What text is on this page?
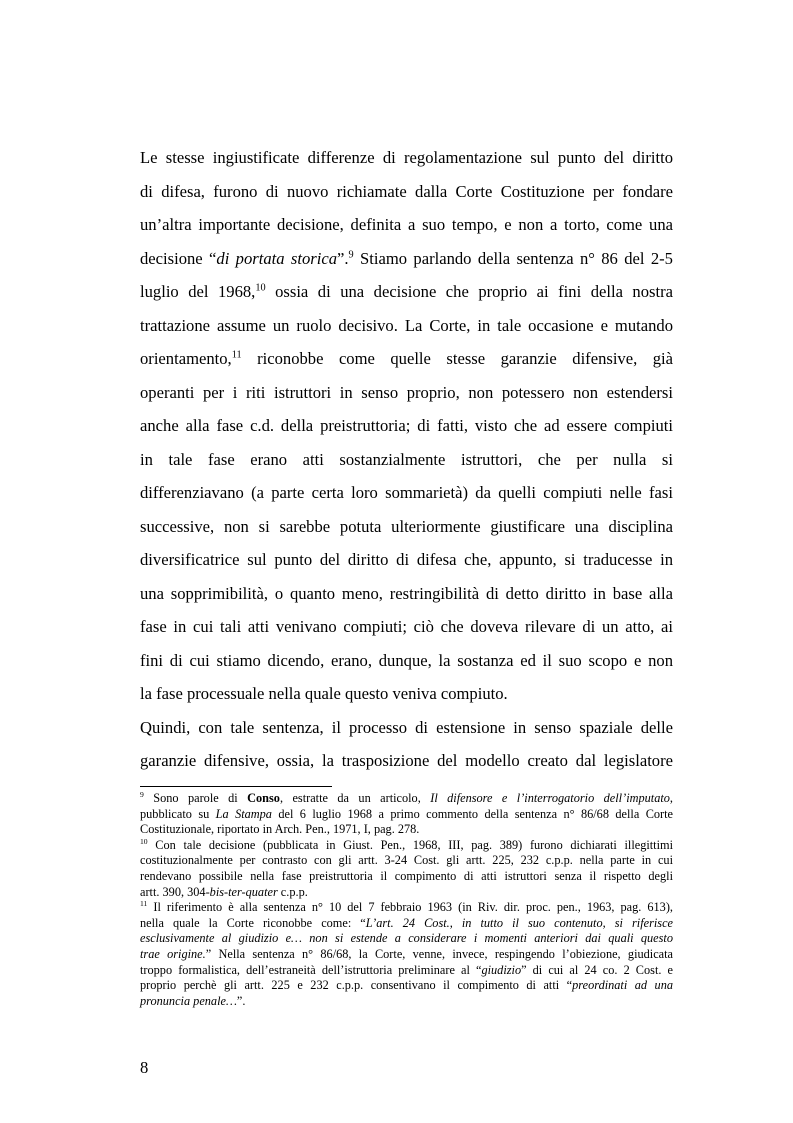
Le stesse ingiustificate differenze di regolamentazione sul punto del diritto

di difesa, furono di nuovo richiamate dalla Corte Costituzione per fondare

un’altra importante decisione, definita a suo tempo, e non a torto, come una

decisione “di portata storica”.$^9$ Stiamo parlando della sentenza n° 86 del 2-5

luglio del 1968,10 ossia di una decisione che proprio ai fini della nostra

trattazione assume un ruolo decisivo. La Corte, in tale occasione e mutando

orientamento,$^{11}$ riconobbe come quelle stesse garanzie difensive, già

operanti per i riti istruttori in senso proprio, non potessero non estendersi

anche alla fase c.d. della preistruttoria; di fatti, visto che ad essere compiuti

in tale fase erano atti sostanzialmente istruttori, che per nulla si

differenziavano (a parte certa loro sommarietà) da quelli compiuti nelle fasi

successive, non si sarebbe potuta ulteriormente giustificare una disciplina

diversificatrice sul punto del diritto di difesa che, appunto, si traducesse in

una sopprimibilità, o quanto meno, restringibilità di detto diritto in base alla

fase in cui tali atti venivano compiuti; ciò che doveva rilevare di un atto, ai

fini di cui stiamo dicendo, erano, dunque, la sostanza ed il suo scopo e non

la fase processuale nella quale questo veniva compiuto.

Quindi, con tale sentenza, il processo di estensione in senso spaziale delle

garanzie difensive, ossia, la trasposizione del modello creato dal legislatore

$^9$ Sono parole di Conso, estratte da un articolo, Il difensore e l’interrogatorio dell’imputato,
pubblicato su La Stampa del 6 luglio 1968 a primo commento della sentenza n° 86/68 della Corte
Costituzionale, riportato in Arch. Pen., 1971, I, pag. 278.
$^{10}$ Con tale decisione (pubblicata in Giust. Pen., 1968, III, pag. 389) furono dichiarati illegittimi
costituzionalmente per contrasto con gli artt. 3-24 Cost. gli artt. 225, 232 c.p.p. nella parte in cui
rendevano possibile nella fase preistruttoria il compimento di atti istruttori senza il rispetto degli
artt. 390, 304-bis-ter-quater c.p.p.
$^{11}$ Il riferimento è alla sentenza n° 10 del 7 febbraio 1963 (in Riv. dir. proc. pen., 1963, pag. 613),
nella quale la Corte riconobbe come: “L’art. 24 Cost., in tutto il suo contenuto, si riferisce
esclusivamente al giudizio e… non si estende a considerare i momenti anteriori dai quali questo
trae origine.” Nella sentenza n° 86/68, la Corte, venne, invece, respingendo l’obiezione, giudicata
troppo formalistica, dell’estraneità dell’istruttoria preliminare al “giudizio” di cui al 24 co. 2 Cost. e
proprio perchè gli artt. 225 e 232 c.p.p. consentivano il compimento di atti “preordinati ad una
pronuncia penale…”.
8
